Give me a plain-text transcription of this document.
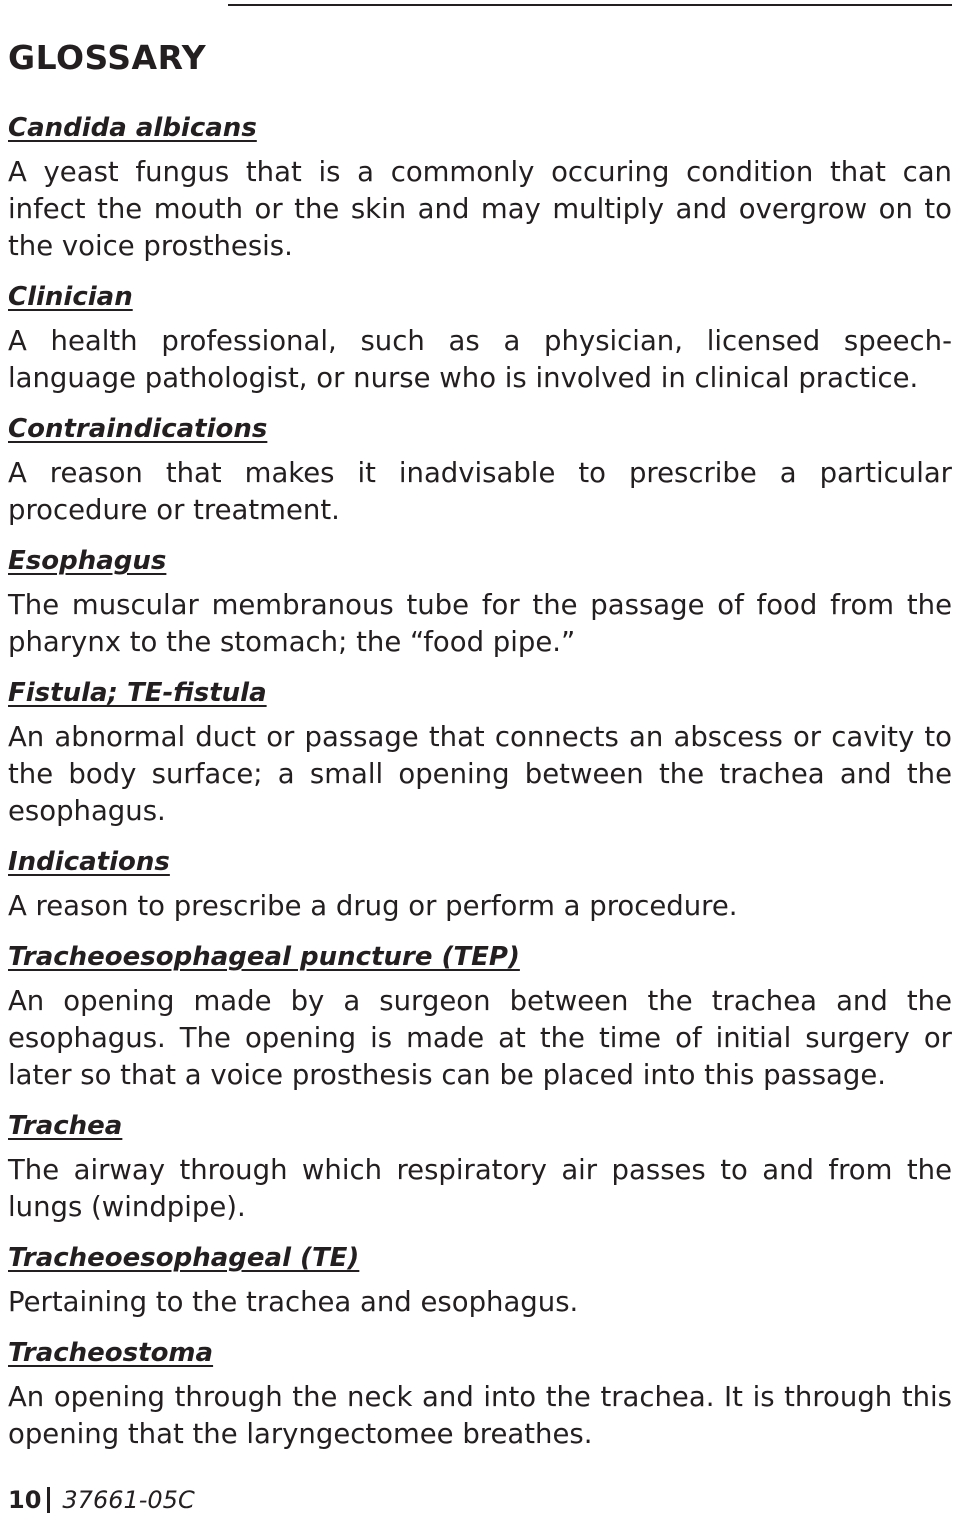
GLOSSARY
Candida albicans
A yeast fungus that is a commonly occuring condition that can infect the mouth or the skin and may multiply and overgrow on to the voice prosthesis.
Clinician
A health professional, such as a physician, licensed speech-language pathologist, or nurse who is involved in clinical practice.
Contraindications
A reason that makes it inadvisable to prescribe a particular procedure or treatment.
Esophagus
The muscular membranous tube for the passage of food from the pharynx to the stomach; the “food pipe.”
Fistula; TE-fistula
An abnormal duct or passage that connects an abscess or cavity to the body surface; a small opening between the trachea and the esophagus.
Indications
A reason to prescribe a drug or perform a procedure.
Tracheoesophageal puncture (TEP)
An opening made by a surgeon between the trachea and the esophagus. The opening is made at the time of initial surgery or later so that a voice prosthesis can be placed into this passage.
Trachea
The airway through which respiratory air passes to and from the lungs (windpipe).
Tracheoesophageal (TE)
Pertaining to the trachea and esophagus.
Tracheostoma
An opening through the neck and into the trachea. It is through this opening that the laryngectomee breathes.
10 37661-05C
